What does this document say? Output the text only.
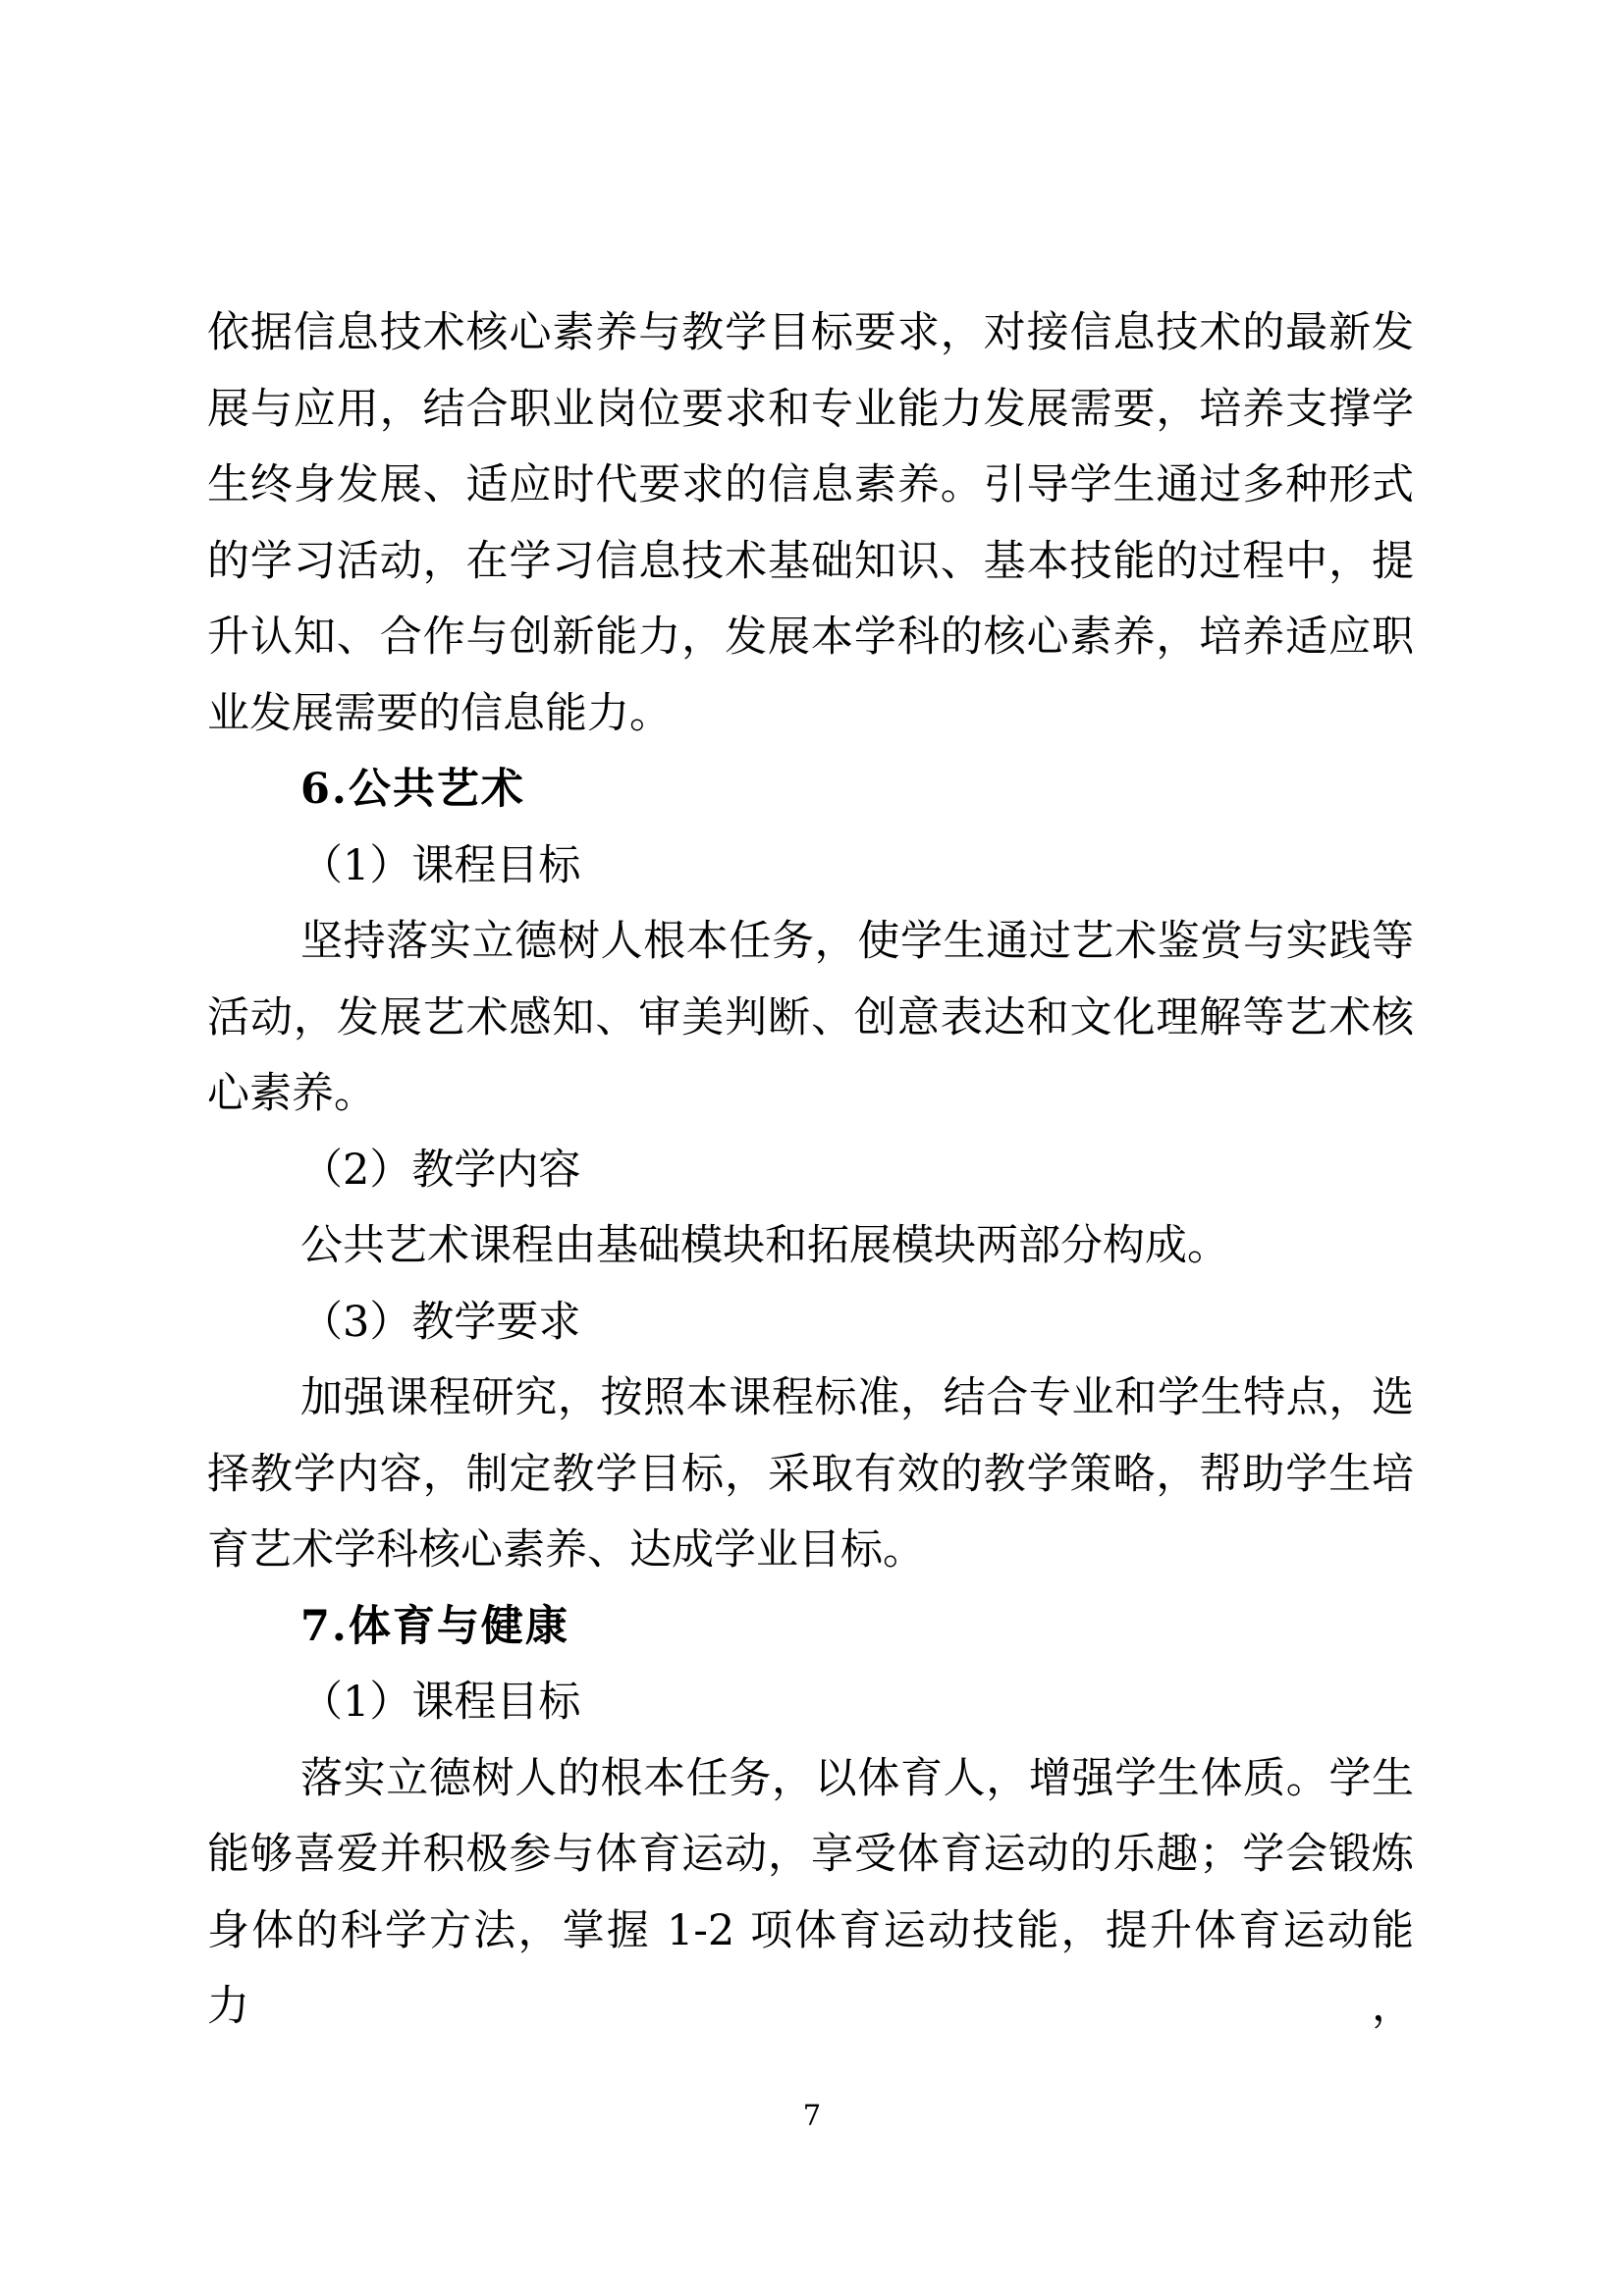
依据信息技术核心素养与教学目标要求，对接信息技术的最新发
展与应用，结合职业岗位要求和专业能力发展需要，培养支撑学
生终身发展、适应时代要求的信息素养。引导学生通过多种形式
的学习活动，在学习信息技术基础知识、基本技能的过程中，提
升认知、合作与创新能力，发展本学科的核心素养，培养适应职
业发展需要的信息能力。
6.公共艺术
（1）课程目标
坚持落实立德树人根本任务，使学生通过艺术鉴赏与实践等
活动，发展艺术感知、审美判断、创意表达和文化理解等艺术核
心素养。
（2）教学内容
公共艺术课程由基础模块和拓展模块两部分构成。
（3）教学要求
加强课程研究，按照本课程标准，结合专业和学生特点，选
择教学内容，制定教学目标，采取有效的教学策略，帮助学生培
育艺术学科核心素养、达成学业目标。
7.体育与健康
（1）课程目标
落实立德树人的根本任务，以体育人，增强学生体质。学生
能够喜爱并积极参与体育运动，享受体育运动的乐趣；学会锻炼
身体的科学方法，掌握 1-2 项体育运动技能，提升体育运动能力，
7
